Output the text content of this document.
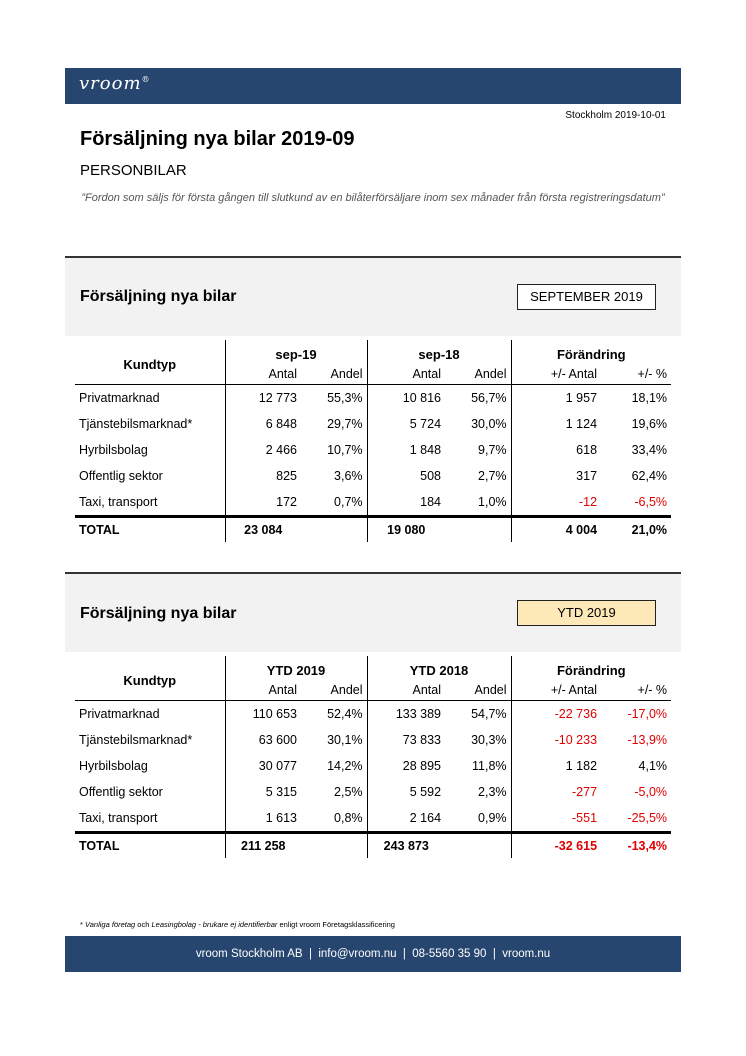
vroom®
Stockholm 2019-10-01
Försäljning nya bilar 2019-09
PERSONBILAR
”Fordon som säljs för första gången till slutkund av en bilåterförsäljare inom sex månader från första registreringsdatum”
Försäljning nya bilar	SEPTEMBER 2019
Kundtyp	sep-19		sep-18		Förändring	
	Antal	Andel	Antal	Andel	+/- Antal	+/- %
Privatmarknad	12 773	55,3%	10 816	56,7%	1 957	18,1%
Tjänstebilsmarknad*	6 848	29,7%	5 724	30,0%	1 124	19,6%
Hyrbilsbolag	2 466	10,7%	1 848	9,7%	618	33,4%
Offentlig sektor	825	3,6%	508	2,7%	317	62,4%
Taxi, transport	172	0,7%	184	1,0%	-12	-6,5%
TOTAL	23 084		19 080		4 004	21,0%
Försäljning nya bilar	YTD 2019
Kundtyp	YTD 2019		YTD 2018		Förändring	
	Antal	Andel	Antal	Andel	+/- Antal	+/- %
Privatmarknad	110 653	52,4%	133 389	54,7%	-22 736	-17,0%
Tjänstebilsmarknad*	63 600	30,1%	73 833	30,3%	-10 233	-13,9%
Hyrbilsbolag	30 077	14,2%	28 895	11,8%	1 182	4,1%
Offentlig sektor	5 315	2,5%	5 592	2,3%	-277	-5,0%
Taxi, transport	1 613	0,8%	2 164	0,9%	-551	-25,5%
TOTAL	211 258		243 873		-32 615	-13,4%
* Vanliga företag och Leasingbolag - brukare ej identifierbar enligt vroom Företagsklassificering
vroom Stockholm AB | info@vroom.nu | 08-5560 35 90 | vroom.nu
